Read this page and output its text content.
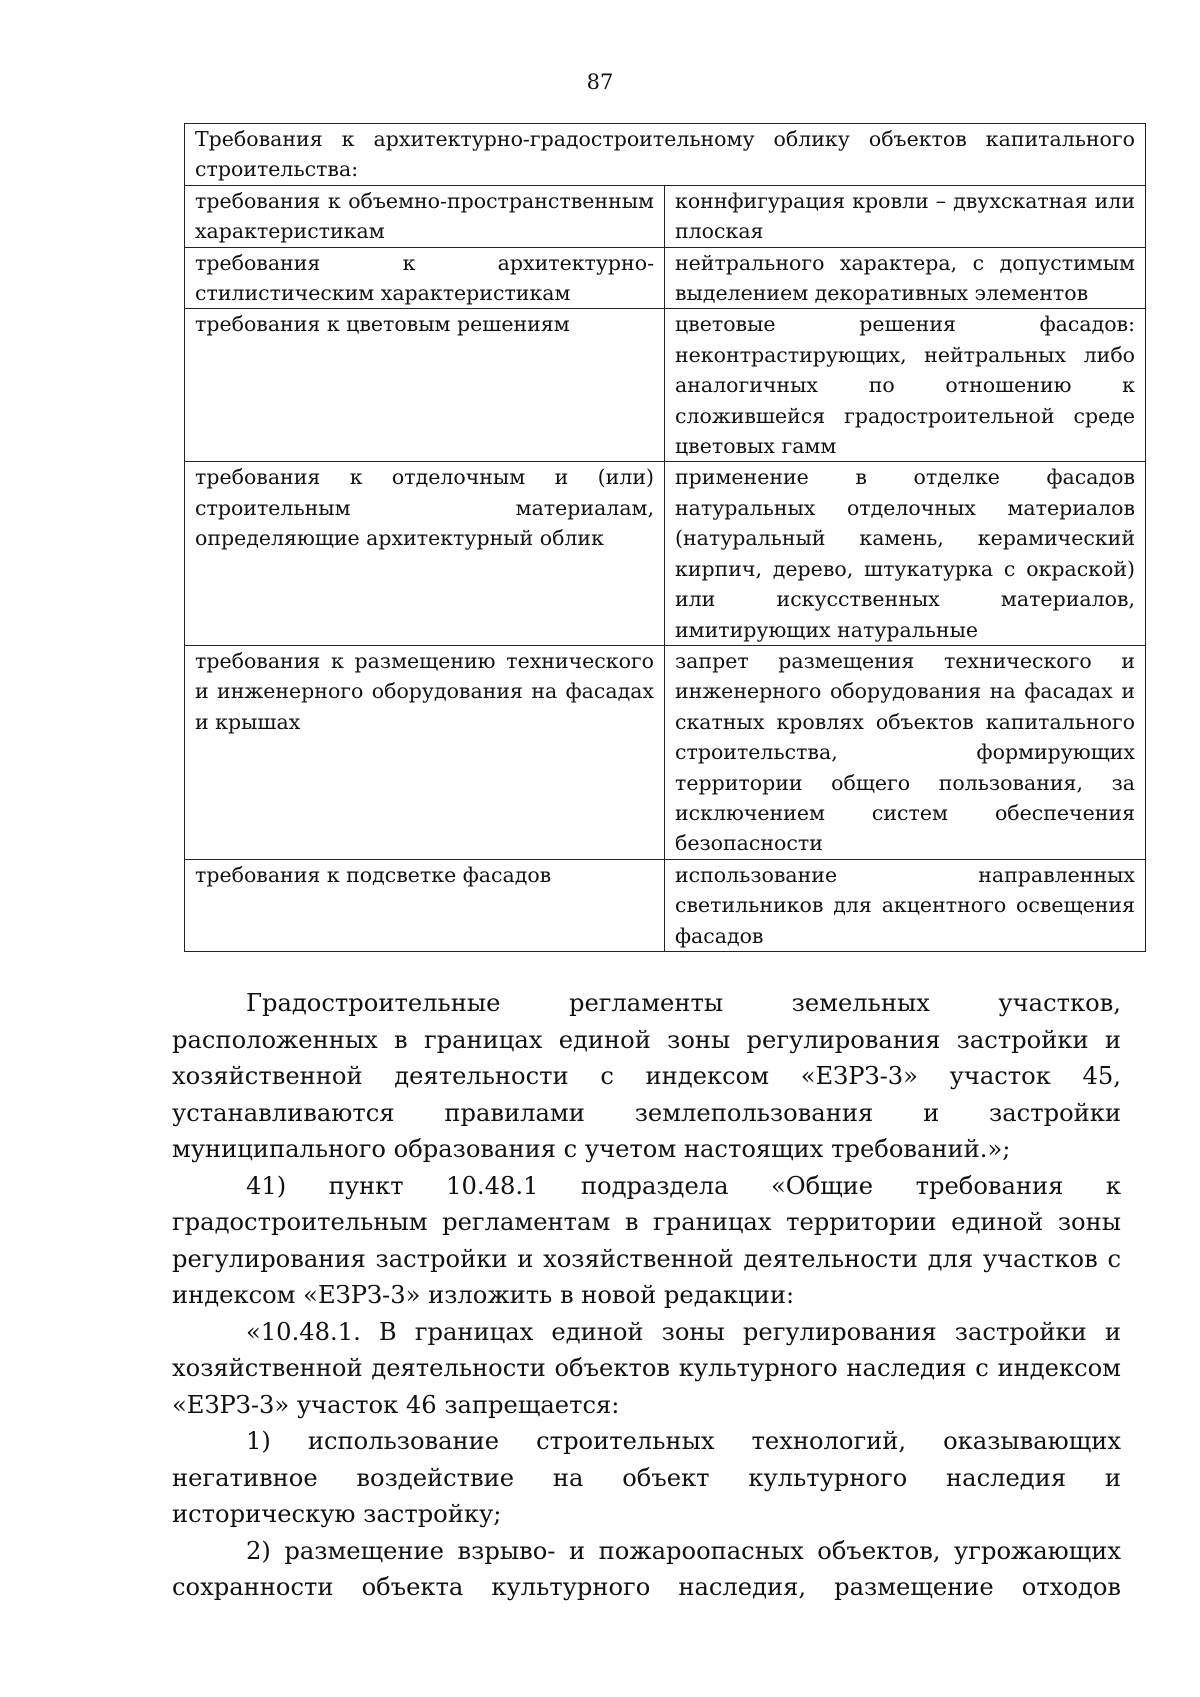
87
Требования к архитектурно-градостроительному облику объектов капитального строительства:	
требования к объемно-пространственным характеристикам	коннфигурация кровли – двухскатная или плоская
требования к архитектурно-стилистическим характеристикам	нейтрального характера, с допустимым выделением декоративных элементов
требования к цветовым решениям	цветовые решения фасадов: неконтрастирующих, нейтральных либо аналогичных по отношению к сложившейся градостроительной среде цветовых гамм
требования к отделочным и (или) строительным материалам, определяющие архитектурный облик	применение в отделке фасадов натуральных отделочных материалов (натуральный камень, керамический кирпич, дерево, штукатурка с окраской) или искусственных материалов, имитирующих натуральные
требования к размещению технического и инженерного оборудования на фасадах и крышах	запрет размещения технического и инженерного оборудования на фасадах и скатных кровлях объектов капитального строительства, формирующих территории общего пользования, за исключением систем обеспечения безопасности
требования к подсветке фасадов	использование направленных светильников для акцентного освещения фасадов

Градостроительные регламенты земельных участков, расположенных в границах единой зоны регулирования застройки и хозяйственной деятельности с индексом «ЕЗРЗ-3» участок 45, устанавливаются правилами землепользования и застройки муниципального образования с учетом настоящих требований.»;

41) пункт 10.48.1 подраздела «Общие требования к градостроительным регламентам в границах территории единой зоны регулирования застройки и хозяйственной деятельности для участков с индексом «ЕЗРЗ-3» изложить в новой редакции:

«10.48.1. В границах единой зоны регулирования застройки и хозяйственной деятельности объектов культурного наследия с индексом «ЕЗРЗ-3» участок 46 запрещается:

1) использование строительных технологий, оказывающих негативное воздействие на объект культурного наследия и историческую застройку;

2) размещение взрыво- и пожароопасных объектов, угрожающих сохранности объекта культурного наследия, размещение отходов
